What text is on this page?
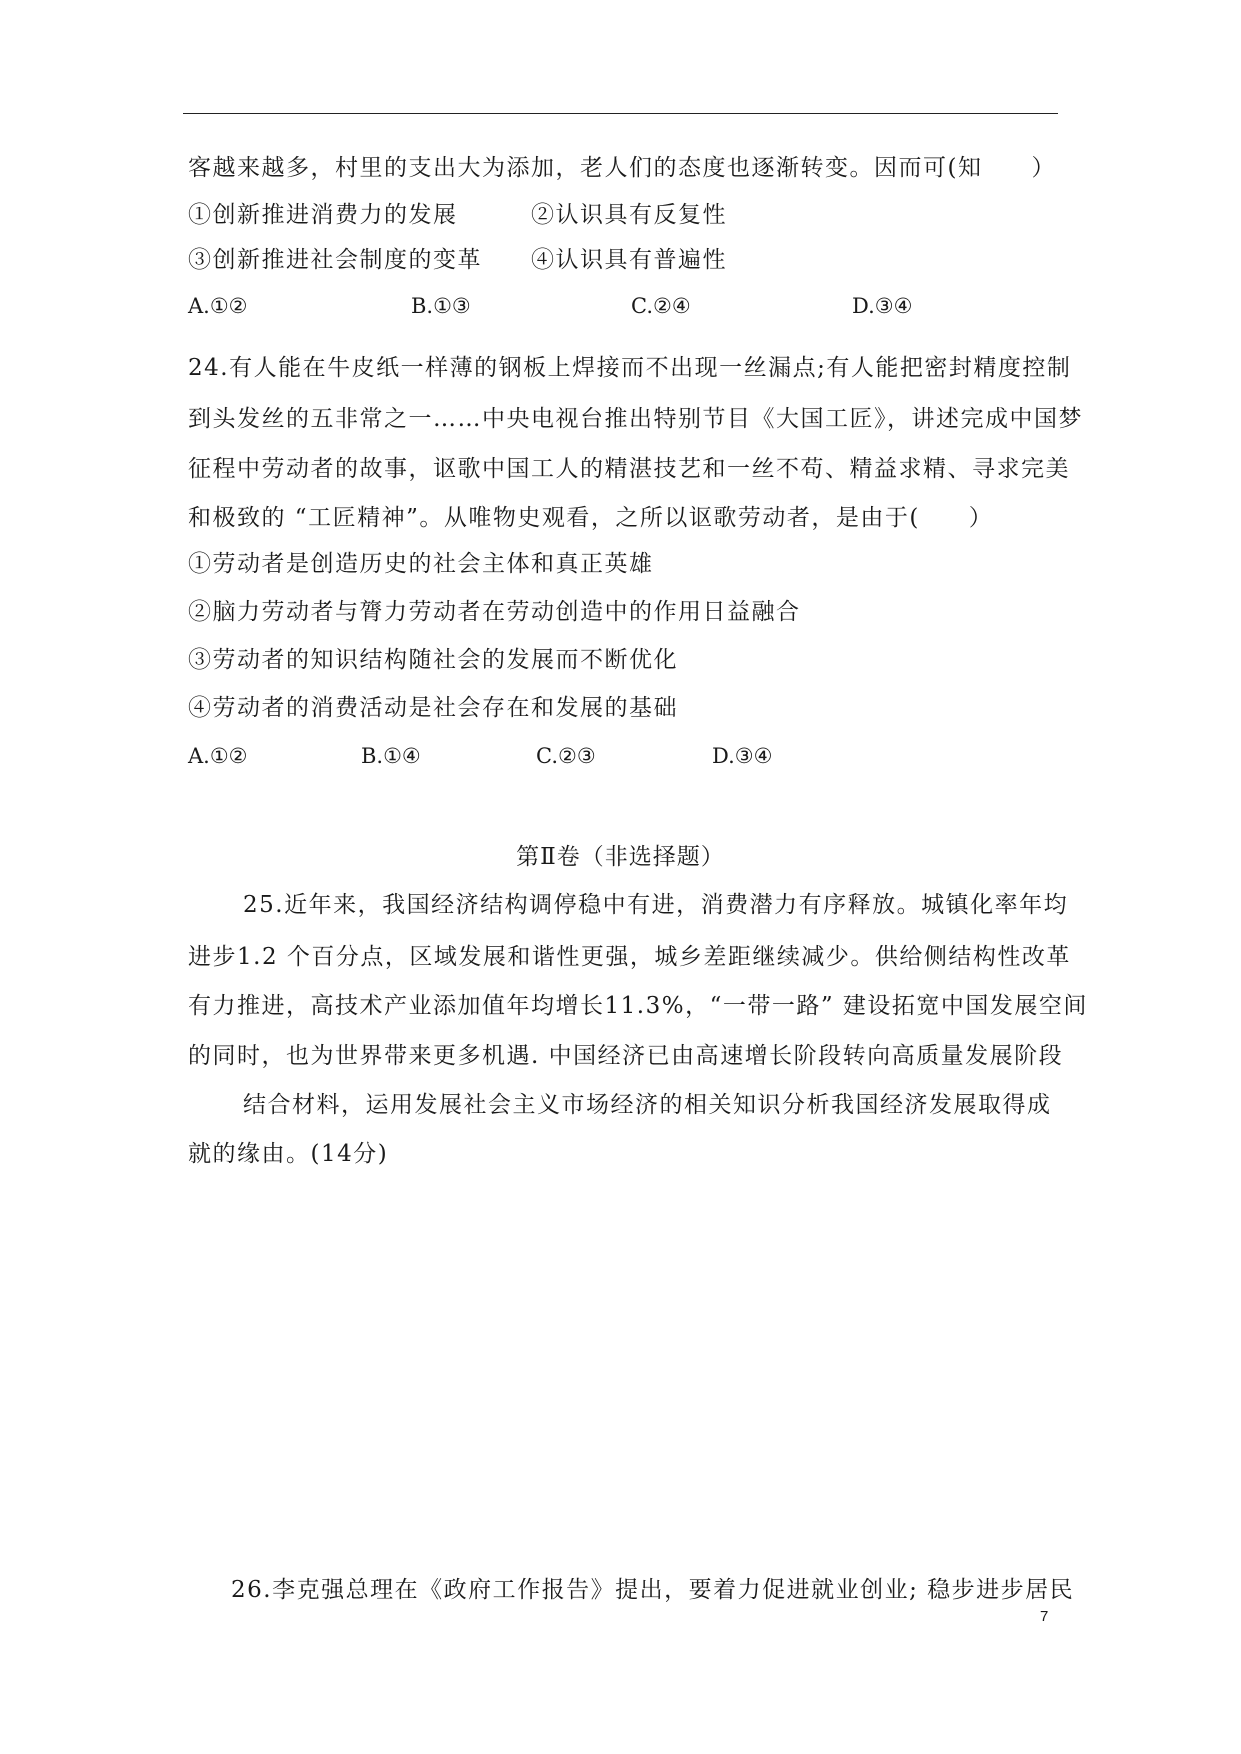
客越来越多，村里的支出大为添加，老人们的态度也逐渐转变。因而可(知　　）
①创新推进消费力的发展　　　②认识具有反复性
③创新推进社会制度的变革　　④认识具有普遍性
A.①②	B.①③	C.②④	D.③④
24.有人能在牛皮纸一样薄的钢板上焊接而不出现一丝漏点;有人能把密封精度控制
到头发丝的五非常之一……中央电视台推出特别节目《大国工匠》，讲述完成中国梦
征程中劳动者的故事，讴歌中国工人的精湛技艺和一丝不苟、精益求精、寻求完美
和极致的 “工匠精神”。从唯物史观看，之所以讴歌劳动者，是由于(　　）
①劳动者是创造历史的社会主体和真正英雄
②脑力劳动者与膂力劳动者在劳动创造中的作用日益融合
③劳动者的知识结构随社会的发展而不断优化
④劳动者的消费活动是社会存在和发展的基础
A.①②	B.①④	C.②③	D.③④
第Ⅱ卷（非选择题）
25.近年来，我国经济结构调停稳中有进，消费潜力有序释放。城镇化率年均
进步1.2 个百分点，区域发展和谐性更强，城乡差距继续减少。供给侧结构性改革
有力推进，高技术产业添加值年均增长11.3%，“一带一路” 建设拓宽中国发展空间
的同时，也为世界带来更多机遇. 中国经济已由高速增长阶段转向高质量发展阶段
结合材料，运用发展社会主义市场经济的相关知识分析我国经济发展取得成
就的缘由。(14分)
26.李克强总理在《政府工作报告》提出，要着力促进就业创业; 稳步进步居民
7
